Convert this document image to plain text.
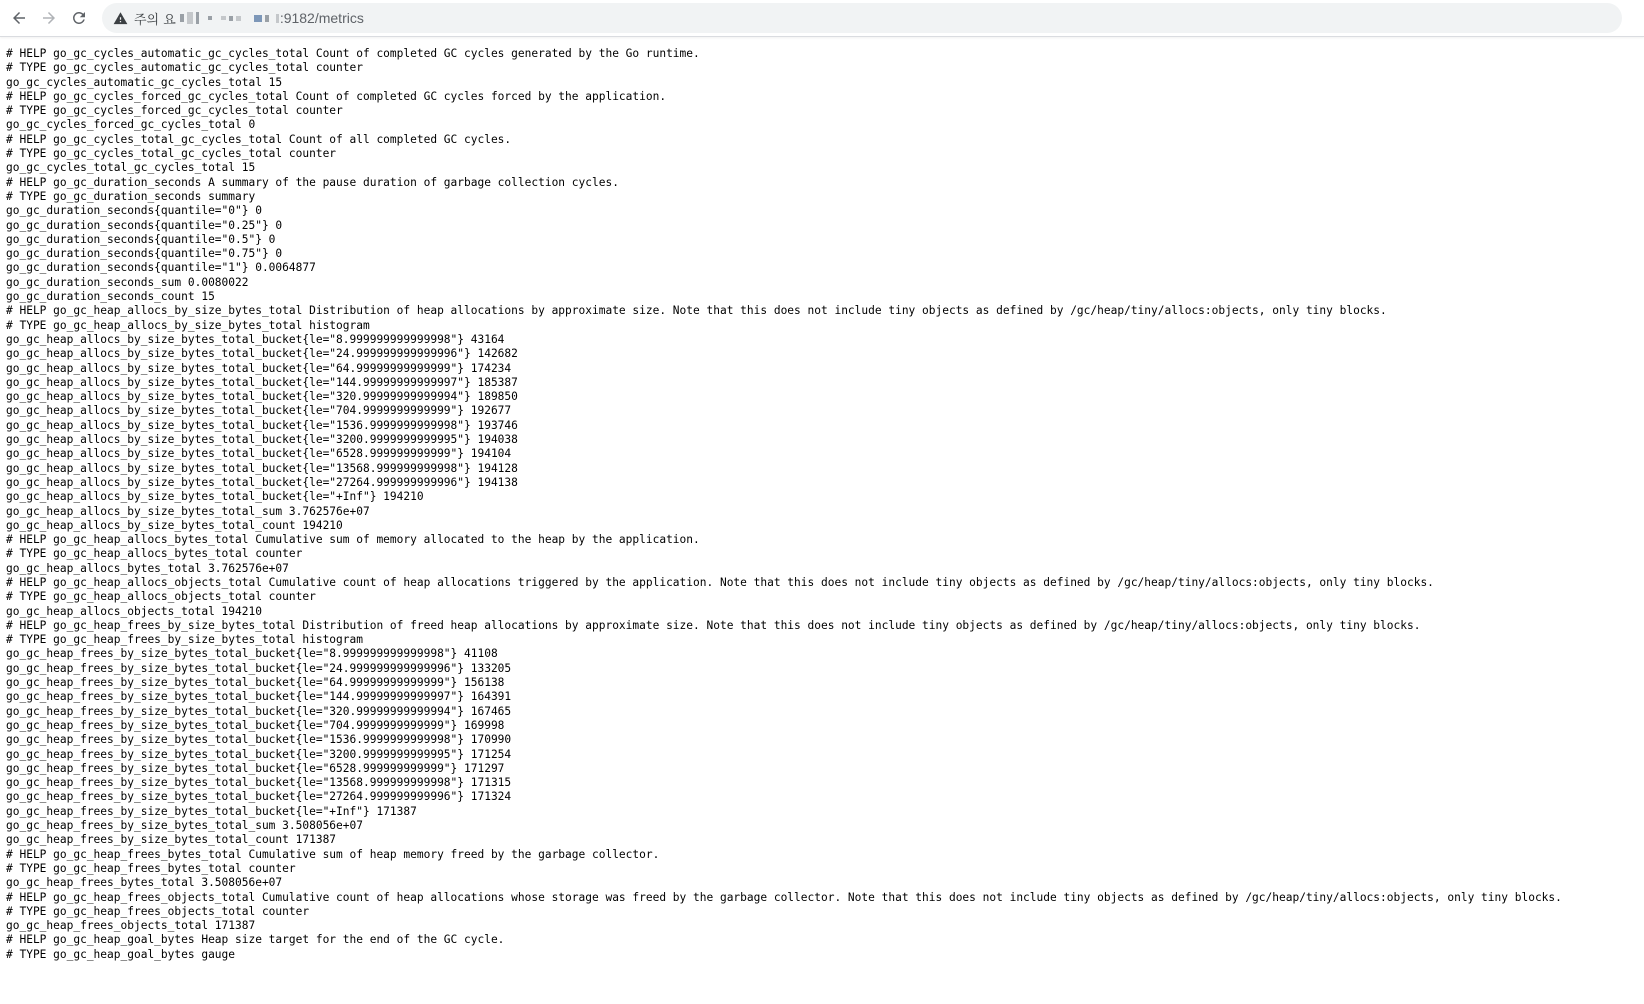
주의 요	:9182/metrics
# HELP go_gc_cycles_automatic_gc_cycles_total Count of completed GC cycles generated by the Go runtime.
# TYPE go_gc_cycles_automatic_gc_cycles_total counter
go_gc_cycles_automatic_gc_cycles_total 15
# HELP go_gc_cycles_forced_gc_cycles_total Count of completed GC cycles forced by the application.
# TYPE go_gc_cycles_forced_gc_cycles_total counter
go_gc_cycles_forced_gc_cycles_total 0
# HELP go_gc_cycles_total_gc_cycles_total Count of all completed GC cycles.
# TYPE go_gc_cycles_total_gc_cycles_total counter
go_gc_cycles_total_gc_cycles_total 15
# HELP go_gc_duration_seconds A summary of the pause duration of garbage collection cycles.
# TYPE go_gc_duration_seconds summary
go_gc_duration_seconds{quantile="0"} 0
go_gc_duration_seconds{quantile="0.25"} 0
go_gc_duration_seconds{quantile="0.5"} 0
go_gc_duration_seconds{quantile="0.75"} 0
go_gc_duration_seconds{quantile="1"} 0.0064877
go_gc_duration_seconds_sum 0.0080022
go_gc_duration_seconds_count 15
# HELP go_gc_heap_allocs_by_size_bytes_total Distribution of heap allocations by approximate size. Note that this does not include tiny objects as defined by /gc/heap/tiny/allocs:objects, only tiny blocks.
# TYPE go_gc_heap_allocs_by_size_bytes_total histogram
go_gc_heap_allocs_by_size_bytes_total_bucket{le="8.999999999999998"} 43164
go_gc_heap_allocs_by_size_bytes_total_bucket{le="24.999999999999996"} 142682
go_gc_heap_allocs_by_size_bytes_total_bucket{le="64.99999999999999"} 174234
go_gc_heap_allocs_by_size_bytes_total_bucket{le="144.99999999999997"} 185387
go_gc_heap_allocs_by_size_bytes_total_bucket{le="320.99999999999994"} 189850
go_gc_heap_allocs_by_size_bytes_total_bucket{le="704.9999999999999"} 192677
go_gc_heap_allocs_by_size_bytes_total_bucket{le="1536.9999999999998"} 193746
go_gc_heap_allocs_by_size_bytes_total_bucket{le="3200.9999999999995"} 194038
go_gc_heap_allocs_by_size_bytes_total_bucket{le="6528.999999999999"} 194104
go_gc_heap_allocs_by_size_bytes_total_bucket{le="13568.999999999998"} 194128
go_gc_heap_allocs_by_size_bytes_total_bucket{le="27264.999999999996"} 194138
go_gc_heap_allocs_by_size_bytes_total_bucket{le="+Inf"} 194210
go_gc_heap_allocs_by_size_bytes_total_sum 3.762576e+07
go_gc_heap_allocs_by_size_bytes_total_count 194210
# HELP go_gc_heap_allocs_bytes_total Cumulative sum of memory allocated to the heap by the application.
# TYPE go_gc_heap_allocs_bytes_total counter
go_gc_heap_allocs_bytes_total 3.762576e+07
# HELP go_gc_heap_allocs_objects_total Cumulative count of heap allocations triggered by the application. Note that this does not include tiny objects as defined by /gc/heap/tiny/allocs:objects, only tiny blocks.
# TYPE go_gc_heap_allocs_objects_total counter
go_gc_heap_allocs_objects_total 194210
# HELP go_gc_heap_frees_by_size_bytes_total Distribution of freed heap allocations by approximate size. Note that this does not include tiny objects as defined by /gc/heap/tiny/allocs:objects, only tiny blocks.
# TYPE go_gc_heap_frees_by_size_bytes_total histogram
go_gc_heap_frees_by_size_bytes_total_bucket{le="8.999999999999998"} 41108
go_gc_heap_frees_by_size_bytes_total_bucket{le="24.999999999999996"} 133205
go_gc_heap_frees_by_size_bytes_total_bucket{le="64.99999999999999"} 156138
go_gc_heap_frees_by_size_bytes_total_bucket{le="144.99999999999997"} 164391
go_gc_heap_frees_by_size_bytes_total_bucket{le="320.99999999999994"} 167465
go_gc_heap_frees_by_size_bytes_total_bucket{le="704.9999999999999"} 169998
go_gc_heap_frees_by_size_bytes_total_bucket{le="1536.9999999999998"} 170990
go_gc_heap_frees_by_size_bytes_total_bucket{le="3200.9999999999995"} 171254
go_gc_heap_frees_by_size_bytes_total_bucket{le="6528.999999999999"} 171297
go_gc_heap_frees_by_size_bytes_total_bucket{le="13568.999999999998"} 171315
go_gc_heap_frees_by_size_bytes_total_bucket{le="27264.999999999996"} 171324
go_gc_heap_frees_by_size_bytes_total_bucket{le="+Inf"} 171387
go_gc_heap_frees_by_size_bytes_total_sum 3.508056e+07
go_gc_heap_frees_by_size_bytes_total_count 171387
# HELP go_gc_heap_frees_bytes_total Cumulative sum of heap memory freed by the garbage collector.
# TYPE go_gc_heap_frees_bytes_total counter
go_gc_heap_frees_bytes_total 3.508056e+07
# HELP go_gc_heap_frees_objects_total Cumulative count of heap allocations whose storage was freed by the garbage collector. Note that this does not include tiny objects as defined by /gc/heap/tiny/allocs:objects, only tiny blocks.
# TYPE go_gc_heap_frees_objects_total counter
go_gc_heap_frees_objects_total 171387
# HELP go_gc_heap_goal_bytes Heap size target for the end of the GC cycle.
# TYPE go_gc_heap_goal_bytes gauge
